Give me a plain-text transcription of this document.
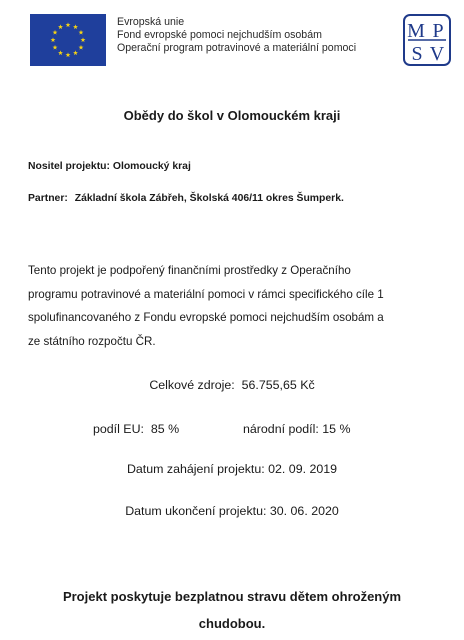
Evropská unie
Fond evropské pomoci nejchudším osobám
Operační program potravinové a materiální pomoci
M P
S V
Obědy do škol v Olomouckém kraji
Nositel projektu: Olomoucký kraj
Partner: Základní škola Zábřeh, Školská 406/11 okres Šumperk.
Tento projekt je podpořený finančními prostředky z Operačního
programu potravinové a materiální pomoci v rámci specifického cíle 1
spolufinancovaného z Fondu evropské pomoci nejchudším osobám a
ze státního rozpočtu ČR.
Celkové zdroje: 56.755,65 Kč
podíl EU: 85 %	národní podíl: 15 %
Datum zahájení projektu: 02. 09. 2019
Datum ukončení projektu: 30. 06. 2020
Projekt poskytuje bezplatnou stravu dětem ohroženým
chudobou.
